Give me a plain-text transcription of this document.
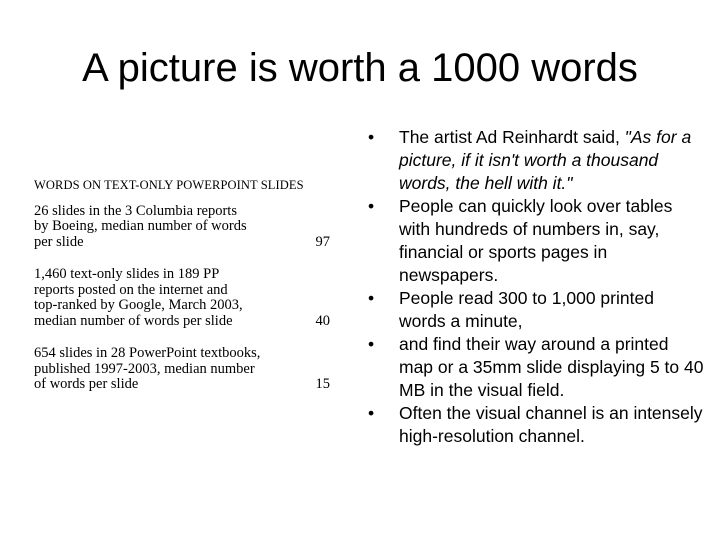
A picture is worth a 1000 words
WORDS ON TEXT-ONLY POWERPOINT SLIDES
26 slides in the 3 Columbia reports
by Boeing, median number of words
per slide	97
1,460 text-only slides in 189 PP
reports posted on the internet and
top-ranked by Google, March 2003,
median number of words per slide	40
654 slides in 28 PowerPoint textbooks,
published 1997-2003, median number
of words per slide	15
• The artist Ad Reinhardt said, "As for a picture, if it isn't worth a thousand words, the hell with it."
• People can quickly look over tables with hundreds of numbers in, say, financial or sports pages in newspapers.
• People read 300 to 1,000 printed words a minute,
• and find their way around a printed map or a 35mm slide displaying 5 to 40 MB in the visual field.
• Often the visual channel is an intensely high-resolution channel.
